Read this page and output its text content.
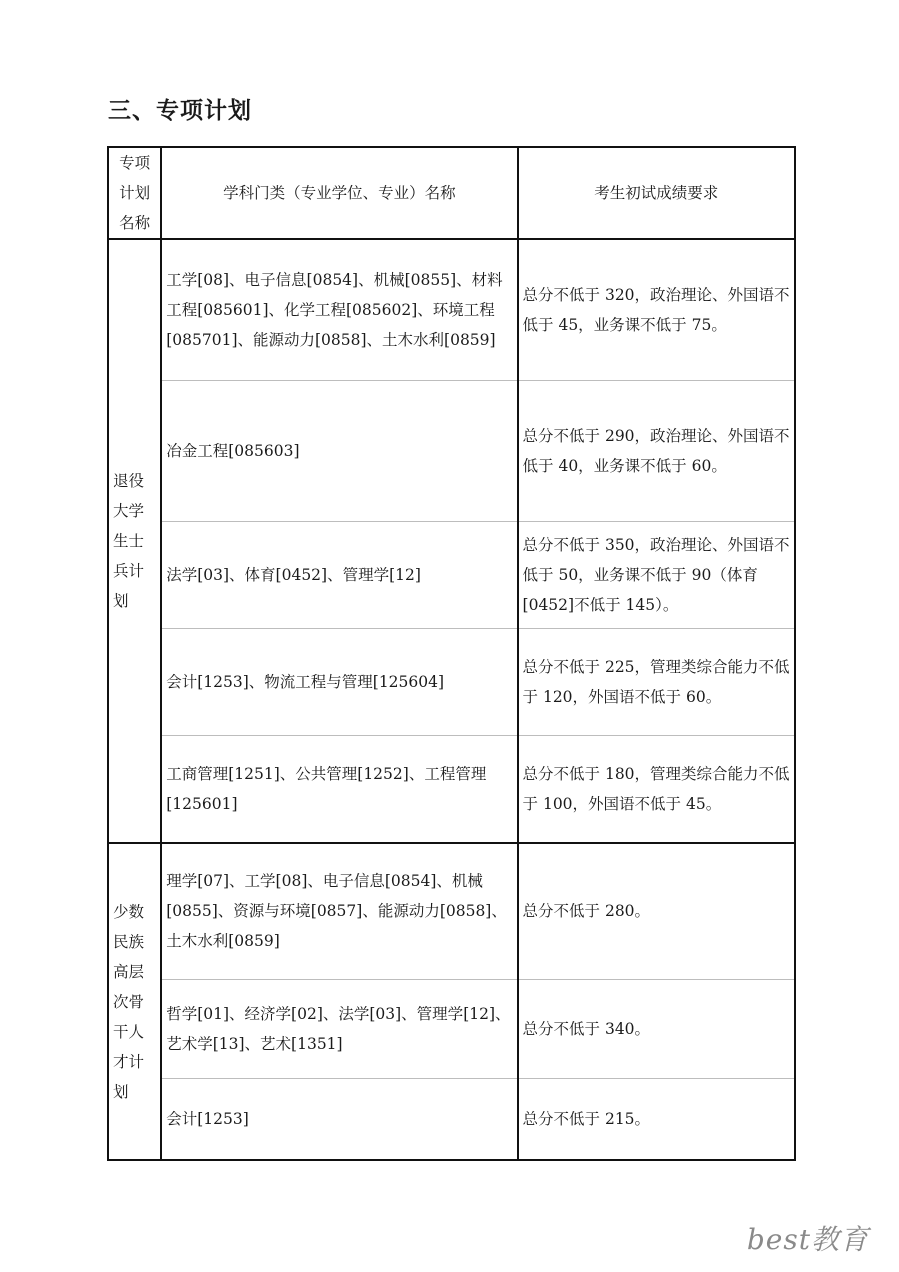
三、专项计划
专项计划名称	学科门类（专业学位、专业）名称	考生初试成绩要求
退役大学生士兵计划	工学[08]、电子信息[0854]、机械[0855]、材料工程[085601]、化学工程[085602]、环境工程[085701]、能源动力[0858]、土木水利[0859]	总分不低于 320，政治理论、外国语不低于 45，业务课不低于 75。
	冶金工程[085603]	总分不低于 290，政治理论、外国语不低于 40，业务课不低于 60。
	法学[03]、体育[0452]、管理学[12]	总分不低于 350，政治理论、外国语不低于 50，业务课不低于 90（体育[0452]不低于 145）。
	会计[1253]、物流工程与管理[125604]	总分不低于 225，管理类综合能力不低于 120，外国语不低于 60。
	工商管理[1251]、公共管理[1252]、工程管理[125601]	总分不低于 180，管理类综合能力不低于 100，外国语不低于 45。
少数民族高层次骨干人才计划	理学[07]、工学[08]、电子信息[0854]、机械[0855]、资源与环境[0857]、能源动力[0858]、土木水利[0859]	总分不低于 280。
	哲学[01]、经济学[02]、法学[03]、管理学[12]、艺术学[13]、艺术[1351]	总分不低于 340。
	会计[1253]	总分不低于 215。
best教育
